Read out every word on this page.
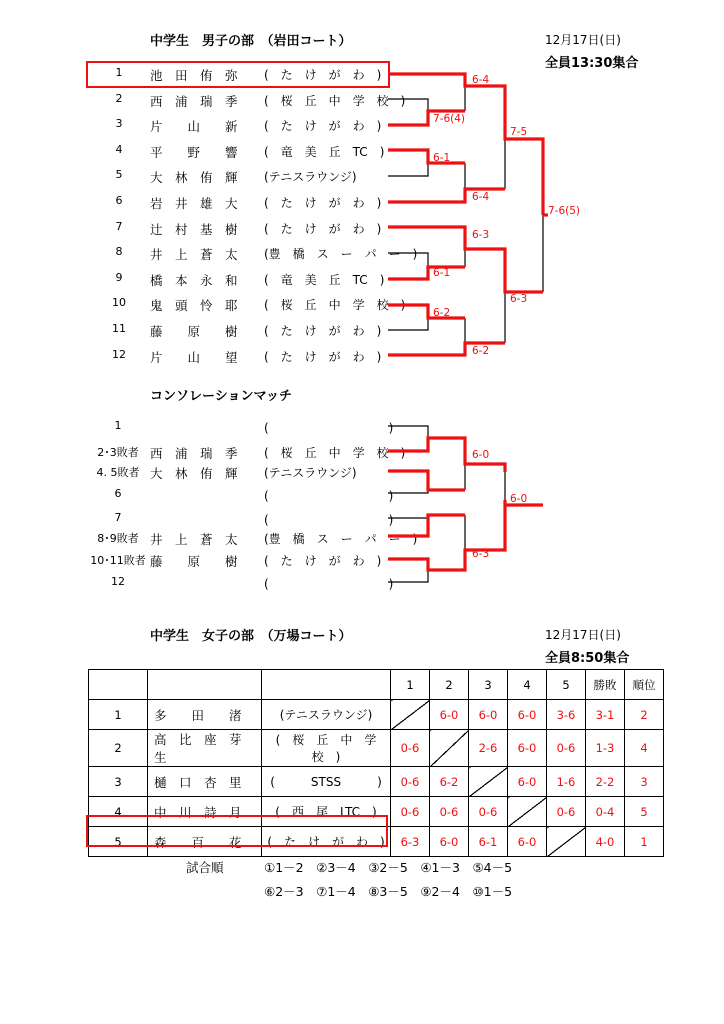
中学生　男子の部　（岩田コート）	12月17日(日)
全員13:30集合
1	池　田　侑　弥	(　た　け　が　わ　)
2	西　浦　瑞　季	(　桜　丘　中　学　校　)
3	片　　山　　新	(　た　け　が　わ　)
4	平　　野　　響	(　竜　美　丘　TC　)
5	大　林　侑　輝	(テニスラウンジ)
6	岩　井　雄　大	(　た　け　が　わ　)
7	辻　村　基　樹	(　た　け　が　わ　)
8	井　上　蒼　太	(豊　橋　ス　ー　パ　ー　)
9	橋　本　永　和	(　竜　美　丘　TC　)
10	鬼　頭　怜　耶	(　桜　丘　中　学　校　)
11	藤　　原　　樹	(　た　け　が　わ　)
12	片　　山　　望	(　た　け　が　わ　)
コンソレーションマッチ
1	(　　　　　　　　　　)
2･3敗者 西　浦　瑞　季	(　桜　丘　中　学　校　)
4. 5敗者 大　林　侑　輝	(テニスラウンジ)
6	(　　　　　　　　　　)
7	(　　　　　　　　　　)
8･9敗者 井　上　蒼　太	(豊　橋　ス　ー　パ　ー　)
10･11敗者 藤　　原　　樹	(　た　け　が　わ　)
12	(　　　　　　　　　　)
6-4
7-6(4)
6-1
6-4
6-3
6-1
6-2
6-2
7-5
6-3
7-6(5)
6-0
6-3
6-0
中学生　女子の部　（万場コート）	12月17日(日)
全員8:50集合
			1	2	3	4	5	勝敗	順位
1	多　　田　　渚	(テニスラウンジ)		6-0	6-0	6-0	3-6	3-1	2
2	高　比　座　芽　生	(　桜　丘　中　学　校　)	0-6		2-6	6-0	0-6	1-3	4
3	樋　口　杏　里	(　　　STSS　　　)	0-6	6-2		6-0	1-6	2-2	3
4	中　川　詩　月	(　西　尾　LTC　)	0-6	0-6	0-6		0-6	0-4	5
5	森　　百　　花	(　た　け　が　わ　)	6-3	6-0	6-1	6-0		4-0	1
試合順	①1－2　②3－4　③2－5　④1－3　⑤4－5
⑥2－3　⑦1－4　⑧3－5　⑨2－4　⑩1－5
